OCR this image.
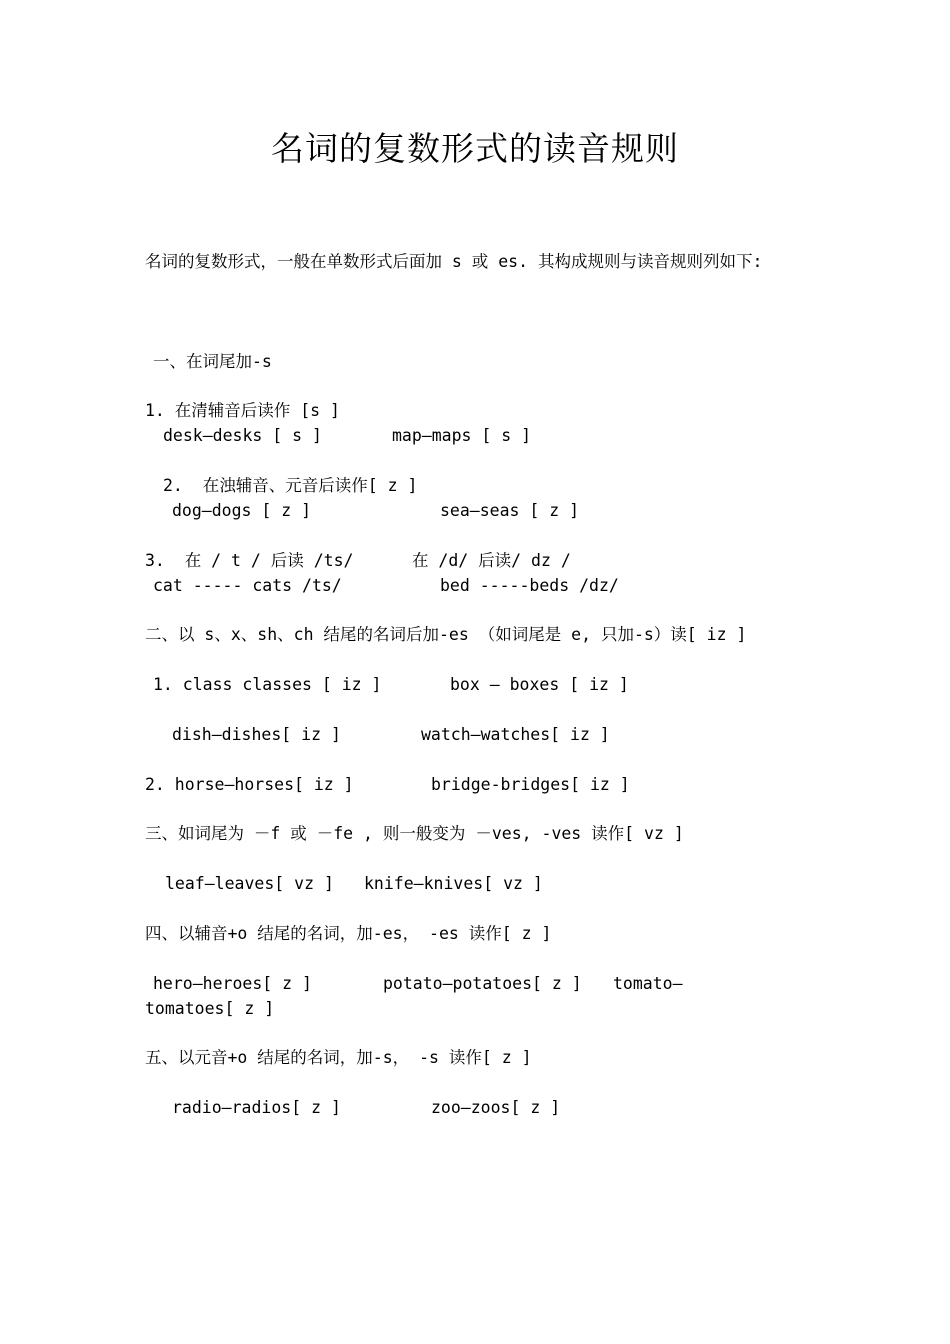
名词的复数形式的读音规则
名词的复数形式，一般在单数形式后面加 s 或 es. 其构成规则与读音规则列如下:
一、在词尾加-s
1. 在清辅音后读作 [s ]
desk—desks [ s ]	map—maps [ s ]
2.  在浊辅音、元音后读作[ z ]
dog—dogs [ z ]	sea—seas [ z ]
3.  在 / t / 后读 /ts/	在 /d/ 后读/ dz /
cat ----- cats /ts/	bed -----beds /dz/
二、以 s、x、sh、ch 结尾的名词后加-es （如词尾是 e, 只加-s）读[ iz ]
1. class classes [ iz ]	box — boxes [ iz ]
dish—dishes[ iz ]	watch—watches[ iz ]
2. horse—horses[ iz ]	bridge-bridges[ iz ]
三、如词尾为 －f 或 －fe , 则一般变为 －ves, -ves 读作[ vz ]
leaf—leaves[ vz ] knife—knives[ vz ]
四、以辅音+o 结尾的名词，加-es， -es 读作[ z ]
hero—heroes[ z ]	potato—potatoes[ z ] tomato—
tomatoes[ z ]
五、以元音+o 结尾的名词，加-s， -s 读作[ z ]
radio—radios[ z ]	zoo—zoos[ z ]
